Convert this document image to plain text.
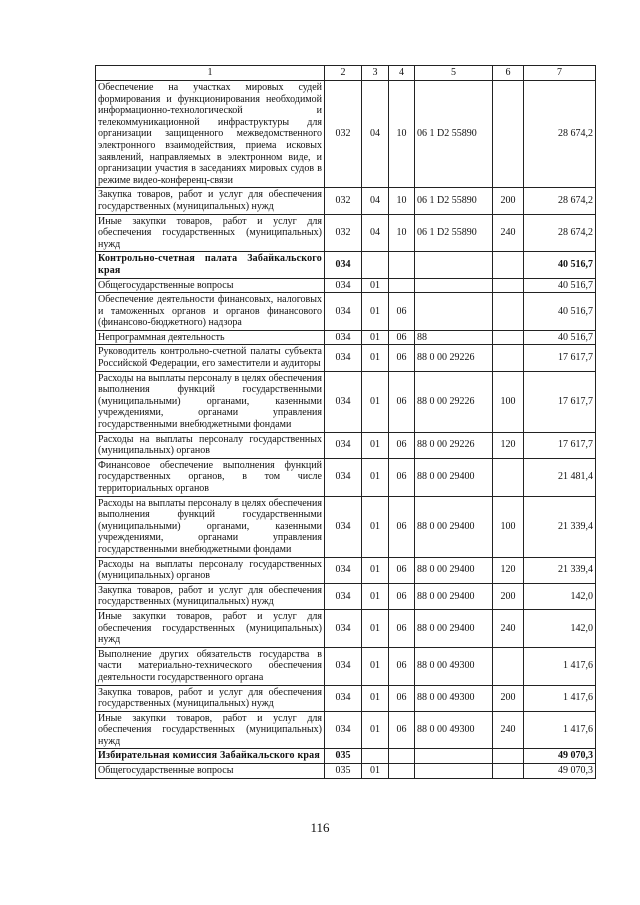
1	2	3	4	5	6	7
Обеспечение на участках мировых судей формирования и функционирования необходимой информационно-технологической и телекоммуникационной инфраструктуры для организации защищенного межведомственного электронного взаимодействия, приема исковых заявлений, направляемых в электронном виде, и организации участия в заседаниях мировых судов в режиме видео-конференц-связи	032	04	10	06 1 D2 55890		28 674,2
Закупка товаров, работ и услуг для обеспечения государственных (муниципальных) нужд	032	04	10	06 1 D2 55890	200	28 674,2
Иные закупки товаров, работ и услуг для обеспечения государственных (муниципальных) нужд	032	04	10	06 1 D2 55890	240	28 674,2
Контрольно-счетная палата Забайкальского края	034					40 516,7
Общегосударственные вопросы	034	01				40 516,7
Обеспечение деятельности финансовых, налоговых и таможенных органов и органов финансового (финансово-бюджетного) надзора	034	01	06			40 516,7
Непрограммная деятельность	034	01	06	88		40 516,7
Руководитель контрольно-счетной палаты субъекта Российской Федерации, его заместители и аудиторы	034	01	06	88 0 00 29226		17 617,7
Расходы на выплаты персоналу в целях обеспечения выполнения функций государственными (муниципальными) органами, казенными учреждениями, органами управления государственными внебюджетными фондами	034	01	06	88 0 00 29226	100	17 617,7
Расходы на выплаты персоналу государственных (муниципальных) органов	034	01	06	88 0 00 29226	120	17 617,7
Финансовое обеспечение выполнения функций государственных органов, в том числе территориальных органов	034	01	06	88 0 00 29400		21 481,4
Расходы на выплаты персоналу в целях обеспечения выполнения функций государственными (муниципальными) органами, казенными учреждениями, органами управления государственными внебюджетными фондами	034	01	06	88 0 00 29400	100	21 339,4
Расходы на выплаты персоналу государственных (муниципальных) органов	034	01	06	88 0 00 29400	120	21 339,4
Закупка товаров, работ и услуг для обеспечения государственных (муниципальных) нужд	034	01	06	88 0 00 29400	200	142,0
Иные закупки товаров, работ и услуг для обеспечения государственных (муниципальных) нужд	034	01	06	88 0 00 29400	240	142,0
Выполнение других обязательств государства в части материально-технического обеспечения деятельности государственного органа	034	01	06	88 0 00 49300		1 417,6
Закупка товаров, работ и услуг для обеспечения государственных (муниципальных) нужд	034	01	06	88 0 00 49300	200	1 417,6
Иные закупки товаров, работ и услуг для обеспечения государственных (муниципальных) нужд	034	01	06	88 0 00 49300	240	1 417,6
Избирательная комиссия Забайкальского края	035					49 070,3
Общегосударственные вопросы	035	01				49 070,3
116
